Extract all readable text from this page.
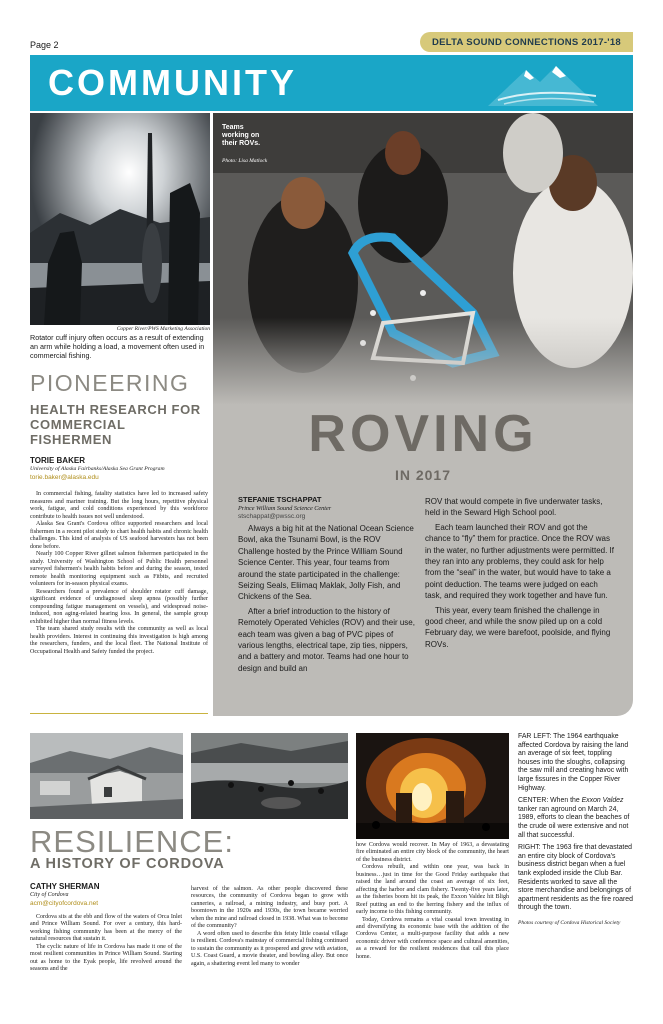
Page 2	DELTA SOUND CONNECTIONS 2017-'18
COMMUNITY
Copper River/PWS Marketing Association
Rotator cuff injury often occurs as a result of extending an arm while holding a load, a movement often used in commercial fishing.
Teams working on their ROVs.
Photo: Lisa Matlock
ROVING
IN 2017
STEFANIE TSCHAPPAT
Prince William Sound Science Center
stschappat@pwssc.org

Always a big hit at the National Ocean Science Bowl, aka the Tsunami Bowl, is the ROV Challenge hosted by the Prince William Sound Science Center. This year, four teams from around the state participated in the challenge: Seizing Seals, Eliimaq Maklak, Jolly Fish, and Chickens of the Sea.

After a brief introduction to the history of Remotely Operated Vehicles (ROV) and their use, each team was given a bag of PVC pipes of various lengths, electrical tape, zip ties, nippers, and a battery and motor. Teams had one hour to design and build an

ROV that would compete in five underwater tasks, held in the Seward High School pool.

Each team launched their ROV and got the chance to “fly” them for practice. Once the ROV was in the water, no further adjustments were permitted. If they ran into any problems, they could ask for help from the “seal” in the water, but would have to take a point deduction. The teams were judged on each task, and required they work together and have fun.

This year, every team finished the challenge in good cheer, and while the snow piled up on a cold February day, we were barefoot, poolside, and flying ROVs.

PIONEERING
HEALTH RESEARCH FOR COMMERCIAL FISHERMEN
TORIE BAKER
University of Alaska Fairbanks/Alaska Sea Grant Program
torie.baker@alaska.edu

In commercial fishing, fatality statistics have led to increased safety measures and mariner training. But the long hours, repetitive physical work, fatigue, and cold conditions experienced by this workforce contribute to health issues not well understood.

Alaska Sea Grant's Cordova office supported researchers and local fishermen in a recent pilot study to chart health habits and chronic health challenges. This kind of analysis of US seafood harvesters has not been done before.

Nearly 100 Copper River gillnet salmon fishermen participated in the study. University of Washington School of Public Health personnel surveyed fishermen's health habits before and during the season, tested remote health monitoring equipment such as Fitbits, and recruited volunteers for in-season physical exams.

Researchers found a prevalence of shoulder rotator cuff damage, significant evidence of undiagnosed sleep apnea (possibly further compounding fatigue management on vessels), and widespread noise-induced, non aging-related hearing loss. In general, the sample group exhibited higher than normal fitness levels.

The team shared study results with the community as well as local health providers. Interest in continuing this investigation is high among the researchers, funders, and the local fleet. The National Institute of Occupational Health and Safety funded the project.

FAR LEFT: The 1964 earthquake affected Cordova by raising the land an average of six feet, toppling houses into the sloughs, collapsing the saw mill and creating havoc with large fissures in the Copper River Highway.

CENTER: When the Exxon Valdez tanker ran aground on March 24, 1989, efforts to clean the beaches of the crude oil were extensive and not all that successful.

RIGHT: The 1963 fire that devastated an entire city block of Cordova's business district began when a fuel tank exploded inside the Club Bar. Residents worked to save all the store merchandise and belongings of apartment residents as the fire roared through the town.

Photos courtesy of Cordova Historical Society

RESILIENCE:
A HISTORY OF CORDOVA
CATHY SHERMAN
City of Cordova
acm@cityofcordova.net

Cordova sits at the ebb and flow of the waters of Orca Inlet and Prince William Sound. For over a century, this hard-working fishing community has been at the mercy of the natural resources that sustain it.

The cyclic nature of life in Cordova has made it one of the most resilient communities in Prince William Sound. Starting out as home to the Eyak people, life revolved around the seasons and the

harvest of the salmon. As other people discovered these resources, the community of Cordova began to grow with canneries, a railroad, a mining industry, and busy port. A boomtown in the 1920s and 1930s, the town became worried when the mine and railroad closed in 1938. What was to become of the community?

A word often used to describe this feisty little coastal village is resilient. Cordova's mainstay of commercial fishing continued to sustain the community as it prospered and grew with aviation, U.S. Coast Guard, a movie theater, and bowling alley. But once again, a shattering event led many to wonder

how Cordova would recover. In May of 1963, a devastating fire eliminated an entire city block of the community, the heart of the business district.

Cordova rebuilt, and within one year, was back in business…just in time for the Good Friday earthquake that raised the land around the coast an average of six feet, affecting the harbor and clam fishery. Twenty-five years later, as the fisheries boom hit its peak, the Exxon Valdez hit Bligh Reef putting an end to the herring fishery and the influx of early income to this fishing community.

Today, Cordova remains a vital coastal town investing in and diversifying its economic base with the addition of the Cordova Center, a multi-purpose facility that adds a new economic driver with conference space and cultural amenities, as a reward for the resilient residences that call this place home.
